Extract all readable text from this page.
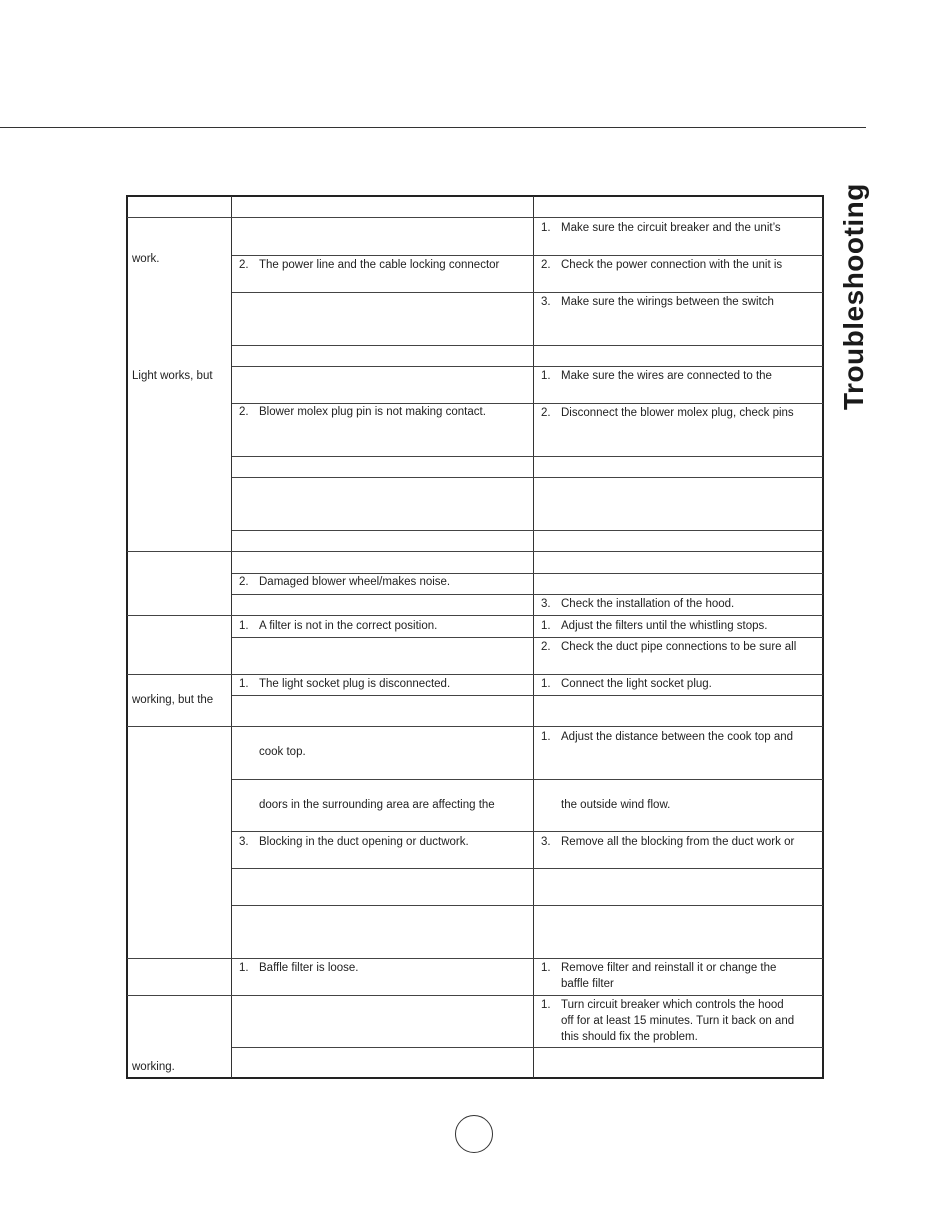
Troubleshooting
work.
Light works, but
working, but the
working.
2. The power line and the cable locking connector
2. Blower molex plug pin is not making contact.
2. Damaged blower wheel/makes noise.
1. A filter is not in the correct position.
1. The light socket plug is disconnected.
cook top.
doors in the surrounding area are affecting the
3. Blocking in the duct opening or ductwork.
1. Baffle filter is loose.
1. Make sure the circuit breaker and the unit’s
2. Check the power connection with the unit is
3. Make sure the wirings between the switch
1. Make sure the wires are connected to the
2. Disconnect the blower molex plug, check pins
3. Check the installation of the hood.
1. Adjust the filters until the whistling stops.
2. Check the duct pipe connections to be sure all
1. Connect the light socket plug.
1. Adjust the distance between the cook top and
the outside wind flow.
3. Remove all the blocking from the duct work or
1. Remove filter and reinstall it or change the
baffle filter
1. Turn circuit breaker which controls the hood
off for at least 15 minutes. Turn it back on and
this should fix the problem.
